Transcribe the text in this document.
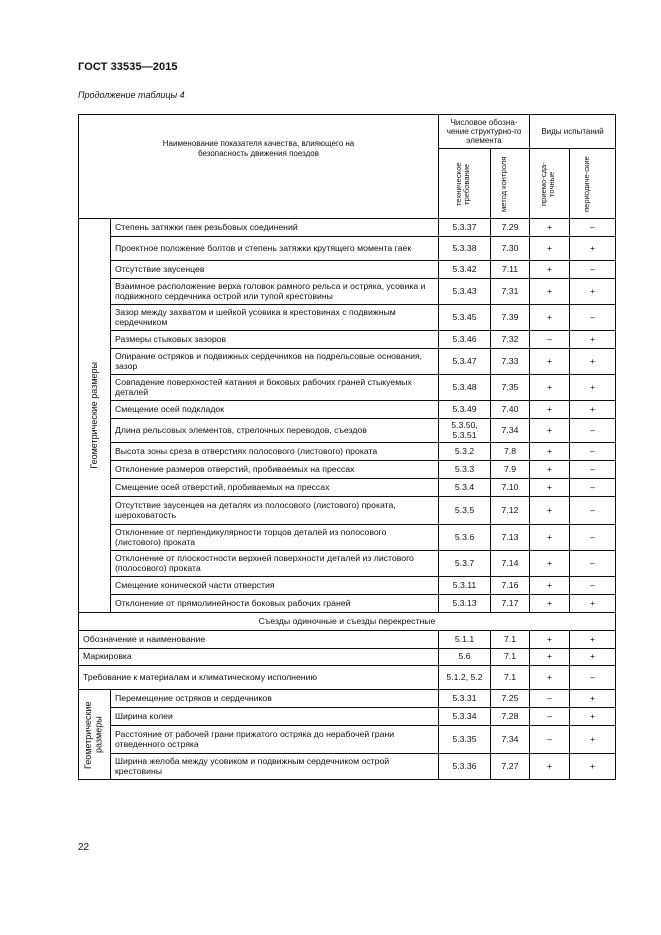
ГОСТ 33535—2015
Продолжение таблицы 4
Наименование показателя качества, влияющего на безопасность движения поездов		Числовое обозна-чение структурно-го элемента		Виды испытаний	

		техническое требование	метод контроля	приемо-сда-точные	периодиче-ские

Геометрические размеры	Степень затяжки гаек резьбовых соединений	5.3.37	7.29	+	–
	Проектное положение болтов и степень затяжки крутящего момента гаек	5.3.38	7.30	+	+
	Отсутствие заусенцев	5.3.42	7.11	+	–
	Взаимное расположение верха головок рамного рельса и остряка, усовика и подвижного сердечника острой или тупой крестовины	5.3.43	7.31	+	+
	Зазор между захватом и шейкой усовика в крестовинах с подвижным сердечником	5.3.45	7.39	+	–
	Размеры стыковых зазоров	5.3.46	7.32	–	+
	Опирание остряков и подвижных сердечников на подрельсовые основания, зазор	5.3.47	7.33	+	+
	Совпадение поверхностей катания и боковых рабочих граней стыкуемых деталей	5.3.48	7.35	+	+
	Смещение осей подкладок	5.3.49	7.40	+	+
	Длина рельсовых элементов, стрелочных переводов, съездов	5.3.50, 5.3.51	7.34	+	–
	Высота зоны среза в отверстиях полосового (листового) проката	5.3.2	7.8	+	–
	Отклонение размеров отверстий, пробиваемых на прессах	5.3.3	7.9	+	–
	Смещение осей отверстий, пробиваемых на прессах	5.3.4	7.10	+	–
	Отсутствие заусенцев на деталях из полосового (листового) проката, шероховатость	5.3.5	7.12	+	–
	Отклонение от перпендикулярности торцов деталей из полосового (листового) проката	5.3.6	7.13	+	–
	Отклонение от плоскостности верхней поверхности деталей из листового (полосового) проката	5.3.7	7.14	+	–
	Смещение конической части отверстия	5.3.11	7.16	+	–
	Отклонение от прямолинейности боковых рабочих граней	5.3.13	7.17	+	+
Съезды одиночные и съезды перекрестные					
Обозначение и наименование		5.1.1	7.1	+	+
Маркировка		5.6	7.1	+	+
Требование к материалам и климатическому исполнению		5.1.2, 5.2	7.1	+	–

Геометрические размеры	Перемещение остряков и сердечников	5.3.31	7.25	–	+
	Ширина колеи	5.3.34	7.28	–	+
	Расстояние от рабочей грани прижатого остряка до нерабочей грани отведенного остряка	5.3.35	7.34	–	+
	Ширина желоба между усовиком и подвижным сердечником острой крестовины	5.3.36	7.27	+	+
22
